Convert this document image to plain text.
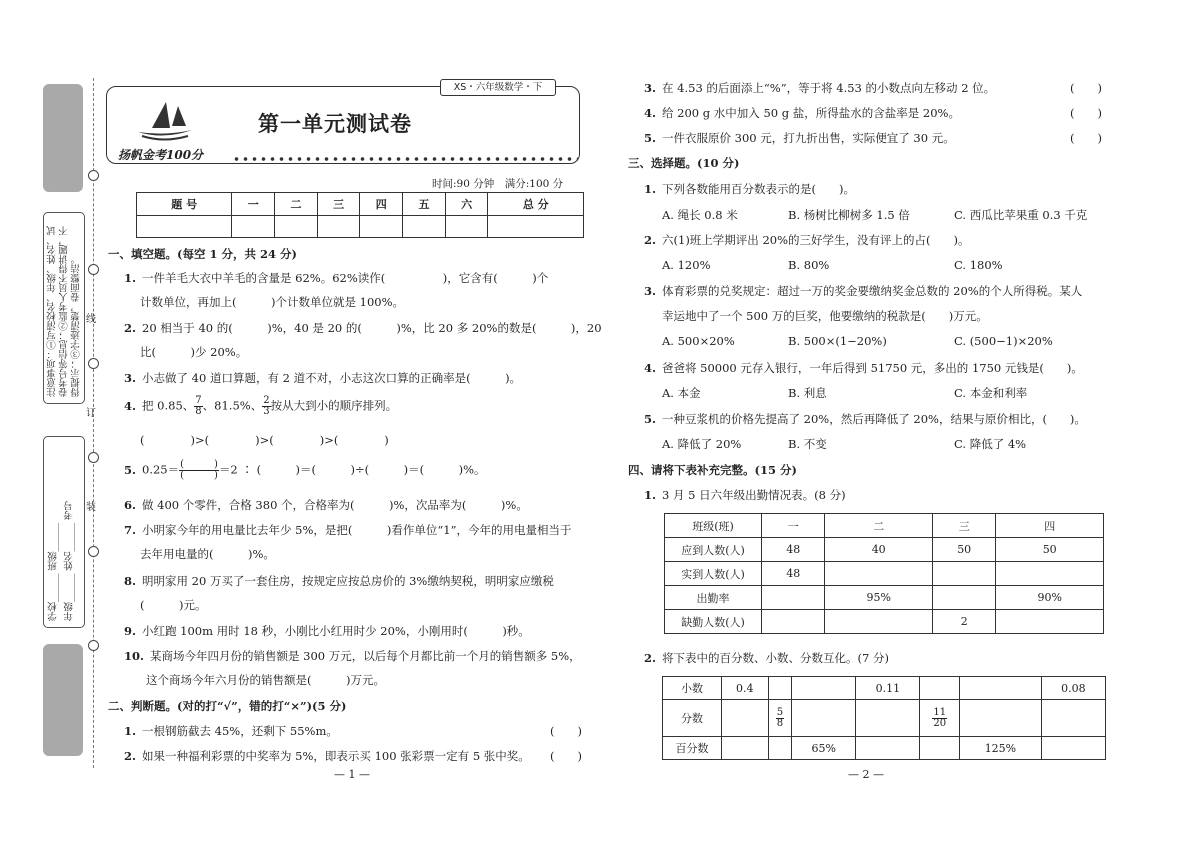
注意事项：①写清校名、年级、姓名、试卷考号等信息；②监考人员不得讲题，不得提示；③字迹清楚，卷面整洁。
学校______ 班级______
年级______ 姓名______ 考号
线
订
装
XS・六年级数学・下
扬帆金考100分
第一单元测试卷
时间:90 分钟　满分:100 分
题 号	一	二	三	四	五	六	总 分

一、填空题。(每空 1 分，共 24 分)
1. 一件羊毛大衣中羊毛的含量是 62%。62%读作(　　　　　)，它含有(　　　)个
计数单位，再加上(　　　)个计数单位就是 100%。
2. 20 相当于 40 的(　　　)%，40 是 20 的(　　　)%，比 20 多 20%的数是(　　　)，20
比(　　　)少 20%。
3. 小志做了 40 道口算题，有 2 道不对，小志这次口算的正确率是(　　　)。
4. 把 0.85、 $\frac{7}{8}$ 、81.5%、 $\frac{2}{3}$ 按从大到小的顺序排列。
(　　　　)>(　　　　)>(　　　　)>(　　　　)
5. $0.25= \frac{( )}{( )} =2$ ∶ (　　　)＝(　　　)÷(　　　)＝(　　　)%。
6. 做 400 个零件，合格 380 个，合格率为(　　　)%，次品率为(　　　)%。
7. 小明家今年的用电量比去年少 5%，是把(　　　)看作单位“1”，今年的用电量相当于
去年用电量的(　　　)%。
8. 明明家用 20 万买了一套住房，按规定应按总房价的 3%缴纳契税，明明家应缴税
(　　　)元。
9. 小红跑 100m 用时 18 秒，小刚比小红用时少 20%，小刚用时(　　　)秒。
10. 某商场今年四月份的销售额是 300 万元，以后每个月都比前一个月的销售额多 5%，
这个商场今年六月份的销售额是(　　　)万元。
二、判断题。(对的打“√”，错的打“×”)(5 分)
1. 一根钢筋截去 45%，还剩下 55%m。	(　　)
2. 如果一种福利彩票的中奖率为 5%，即表示买 100 张彩票一定有 5 张中奖。 (　　)
— 1 —
3. 在 4.53 的后面添上“%”，等于将 4.53 的小数点向左移动 2 位。	(　　)
4. 给 200 g 水中加入 50 g 盐，所得盐水的含盐率是 20%。	(　　)
5. 一件衣服原价 300 元，打九折出售，实际便宜了 30 元。	(　　)
三、选择题。(10 分)
1. 下列各数能用百分数表示的是(　　)。
A. 绳长 0.8 米	B. 杨树比柳树多 1.5 倍	C. 西瓜比苹果重 0.3 千克
2. 六(1)班上学期评出 20%的三好学生，没有评上的占(　　)。
A. 120%	B. 80%	C. 180%
3. 体育彩票的兑奖规定：超过一万的奖金要缴纳奖金总数的 20%的个人所得税。某人
幸运地中了一个 500 万的巨奖，他要缴纳的税款是(　　)万元。
A. 500×20%	B. 500×(1−20%)	C. (500−1)×20%
4. 爸爸将 50000 元存入银行，一年后得到 51750 元，多出的 1750 元钱是(　　)。
A. 本金	B. 利息	C. 本金和利率
5. 一种豆浆机的价格先提高了 20%，然后再降低了 20%，结果与原价相比，(　　)。
A. 降低了 20%	B. 不变	C. 降低了 4%
四、请将下表补充完整。(15 分)
1. 3 月 5 日六年级出勤情况表。(8 分)
班级(班)	一	二	三	四
应到人数(人)	48	40	50	50
实到人数(人)	48			
出勤率		95%		90%
缺勤人数(人)			2	
2. 将下表中的百分数、小数、分数互化。(7 分)
小数	0.4			0.11			0.08
分数		$\frac{5}{8}$			$\frac{11}{20}$

百分数			65%			125%	
— 2 —
